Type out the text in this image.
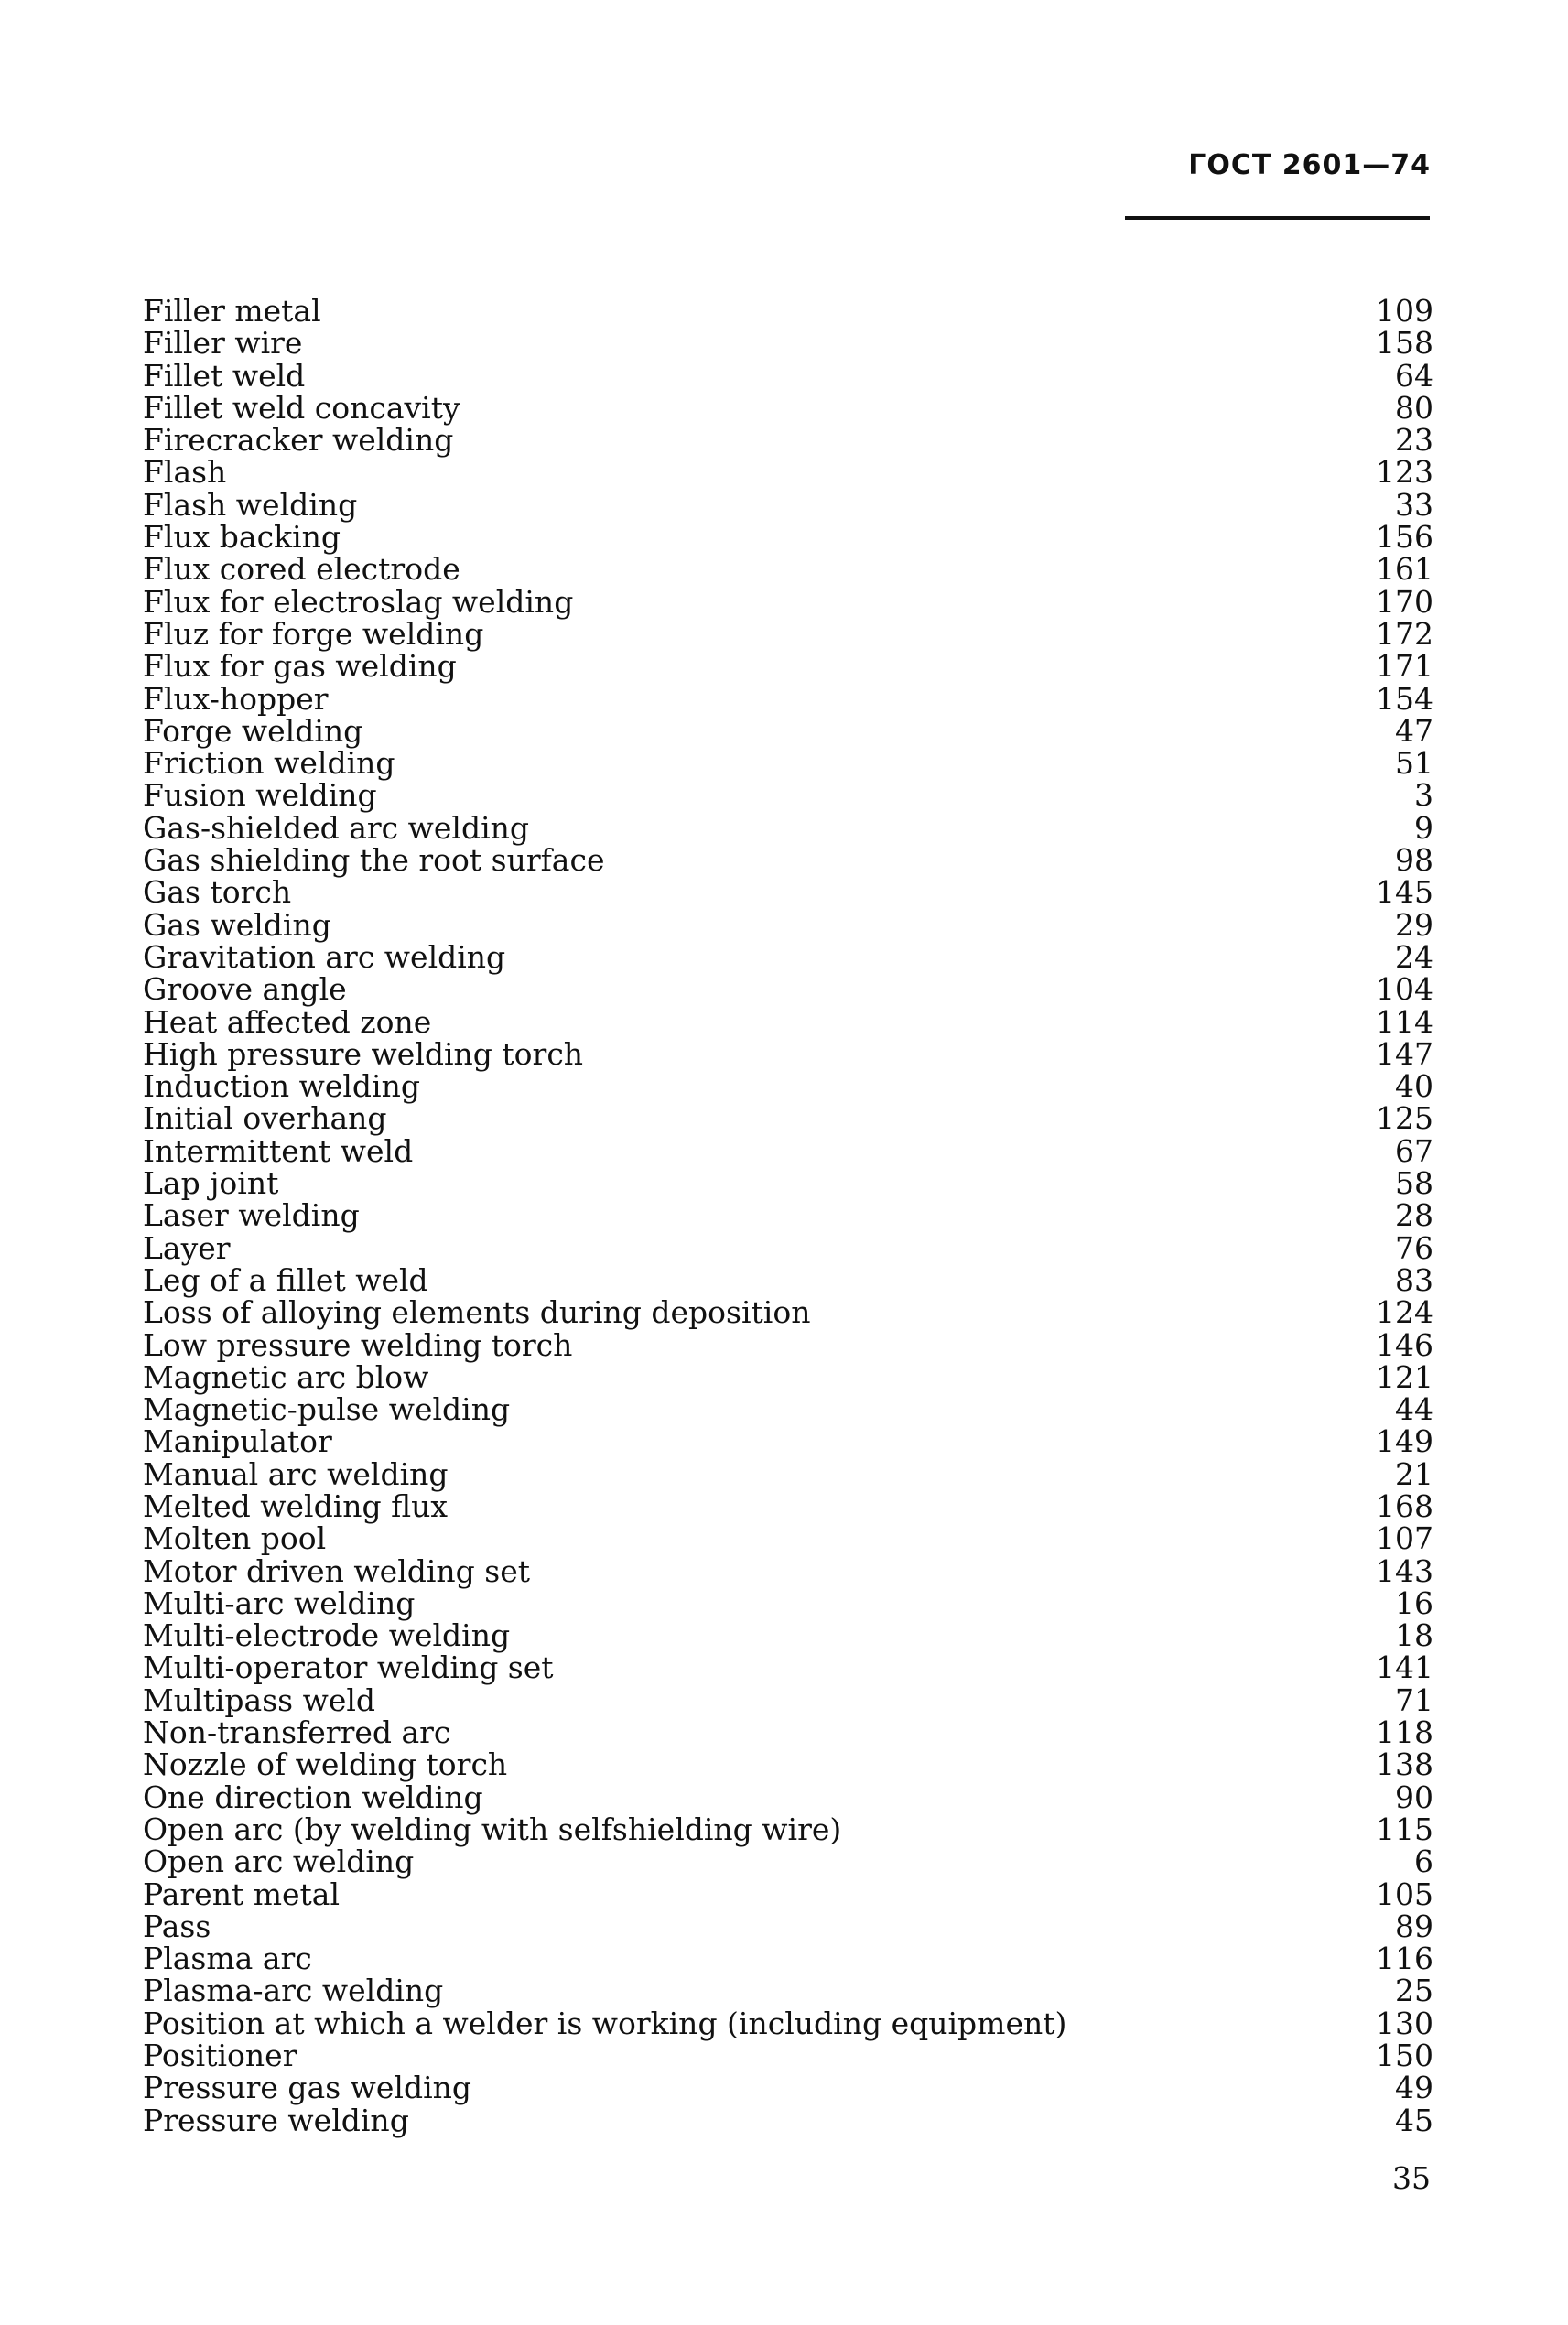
ГОСТ 2601—74
Filler metal	109
Filler wire	158
Fillet weld	64
Fillet weld concavity	80
Firecracker welding	23
Flash	123
Flash welding	33
Flux backing	156
Flux cored electrode	161
Flux for electroslag welding	170
Fluz for forge welding	172
Flux for gas welding	171
Flux-hopper	154
Forge welding	47
Friction welding	51
Fusion welding	3
Gas-shielded arc welding	9
Gas shielding the root surface	98
Gas torch	145
Gas welding	29
Gravitation arc welding	24
Groove angle	104
Heat affected zone	114
High pressure welding torch	147
Induction welding	40
Initial overhang	125
Intermittent weld	67
Lap joint	58
Laser welding	28
Layer	76
Leg of a fillet weld	83
Loss of alloying elements during deposition	124
Low pressure welding torch	146
Magnetic arc blow	121
Magnetic-pulse welding	44
Manipulator	149
Manual arc welding	21
Melted welding flux	168
Molten pool	107
Motor driven welding set	143
Multi-arc welding	16
Multi-electrode welding	18
Multi-operator welding set	141
Multipass weld	71
Non-transferred arc	118
Nozzle of welding torch	138
One direction welding	90
Open arc (by welding with selfshielding wire)	115
Open arc welding	6
Parent metal	105
Pass	89
Plasma arc	116
Plasma-arc welding	25
Position at which a welder is working (including equipment)	130
Positioner	150
Pressure gas welding	49
Pressure welding	45
35
